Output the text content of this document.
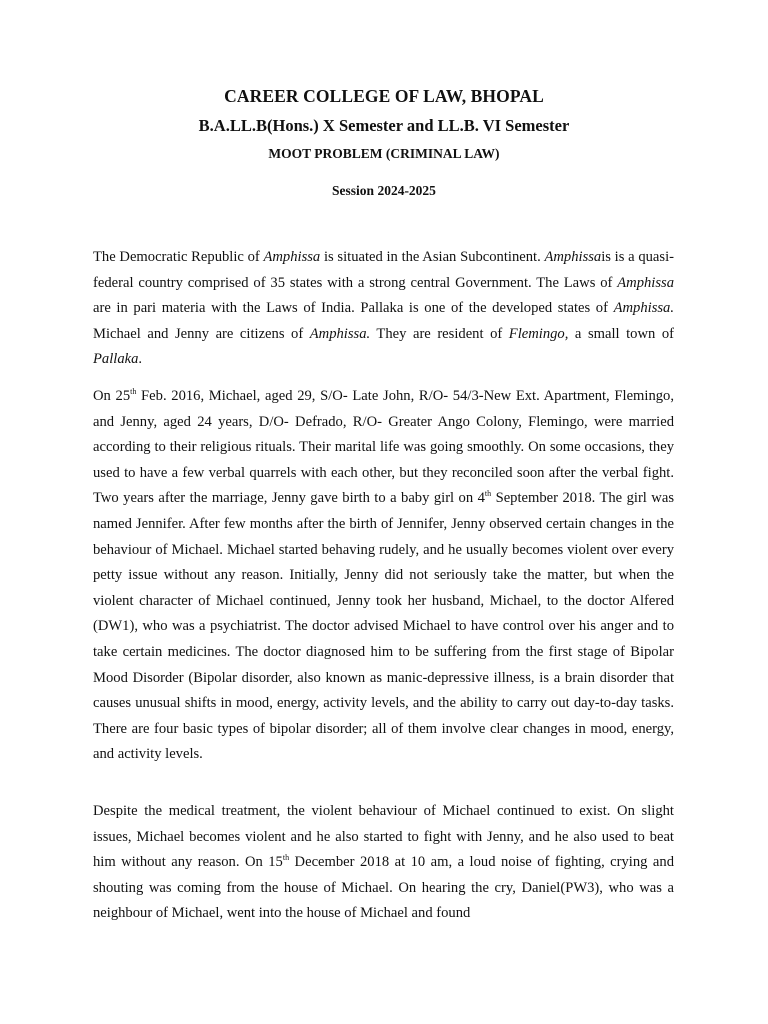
CAREER COLLEGE OF LAW, BHOPAL
B.A.LL.B(Hons.) X Semester and LL.B. VI Semester
MOOT PROBLEM (CRIMINAL LAW)
Session 2024-2025

The Democratic Republic of Amphissa is situated in the Asian Subcontinent. Amphissais is a quasi-federal country comprised of 35 states with a strong central Government. The Laws of Amphissa are in pari materia with the Laws of India. Pallaka is one of the developed states of Amphissa. Michael and Jenny are citizens of Amphissa. They are resident of Flemingo, a small town of Pallaka.

On 25th Feb. 2016, Michael, aged 29, S/O- Late John, R/O- 54/3-New Ext. Apartment, Flemingo, and Jenny, aged 24 years, D/O- Defrado, R/O- Greater Ango Colony, Flemingo, were married according to their religious rituals. Their marital life was going smoothly. On some occasions, they used to have a few verbal quarrels with each other, but they reconciled soon after the verbal fight. Two years after the marriage, Jenny gave birth to a baby girl on 4th September 2018. The girl was named Jennifer. After few months after the birth of Jennifer, Jenny observed certain changes in the behaviour of Michael. Michael started behaving rudely, and he usually becomes violent over every petty issue without any reason. Initially, Jenny did not seriously take the matter, but when the violent character of Michael continued, Jenny took her husband, Michael, to the doctor Alfered (DW1), who was a psychiatrist. The doctor advised Michael to have control over his anger and to take certain medicines. The doctor diagnosed him to be suffering from the first stage of Bipolar Mood Disorder (Bipolar disorder, also known as manic-depressive illness, is a brain disorder that causes unusual shifts in mood, energy, activity levels, and the ability to carry out day-to-day tasks. There are four basic types of bipolar disorder; all of them involve clear changes in mood, energy, and activity levels.

Despite the medical treatment, the violent behaviour of Michael continued to exist. On slight issues, Michael becomes violent and he also started to fight with Jenny, and he also used to beat him without any reason. On 15th December 2018 at 10 am, a loud noise of fighting, crying and shouting was coming from the house of Michael. On hearing the cry, Daniel(PW3), who was a neighbour of Michael, went into the house of Michael and found
